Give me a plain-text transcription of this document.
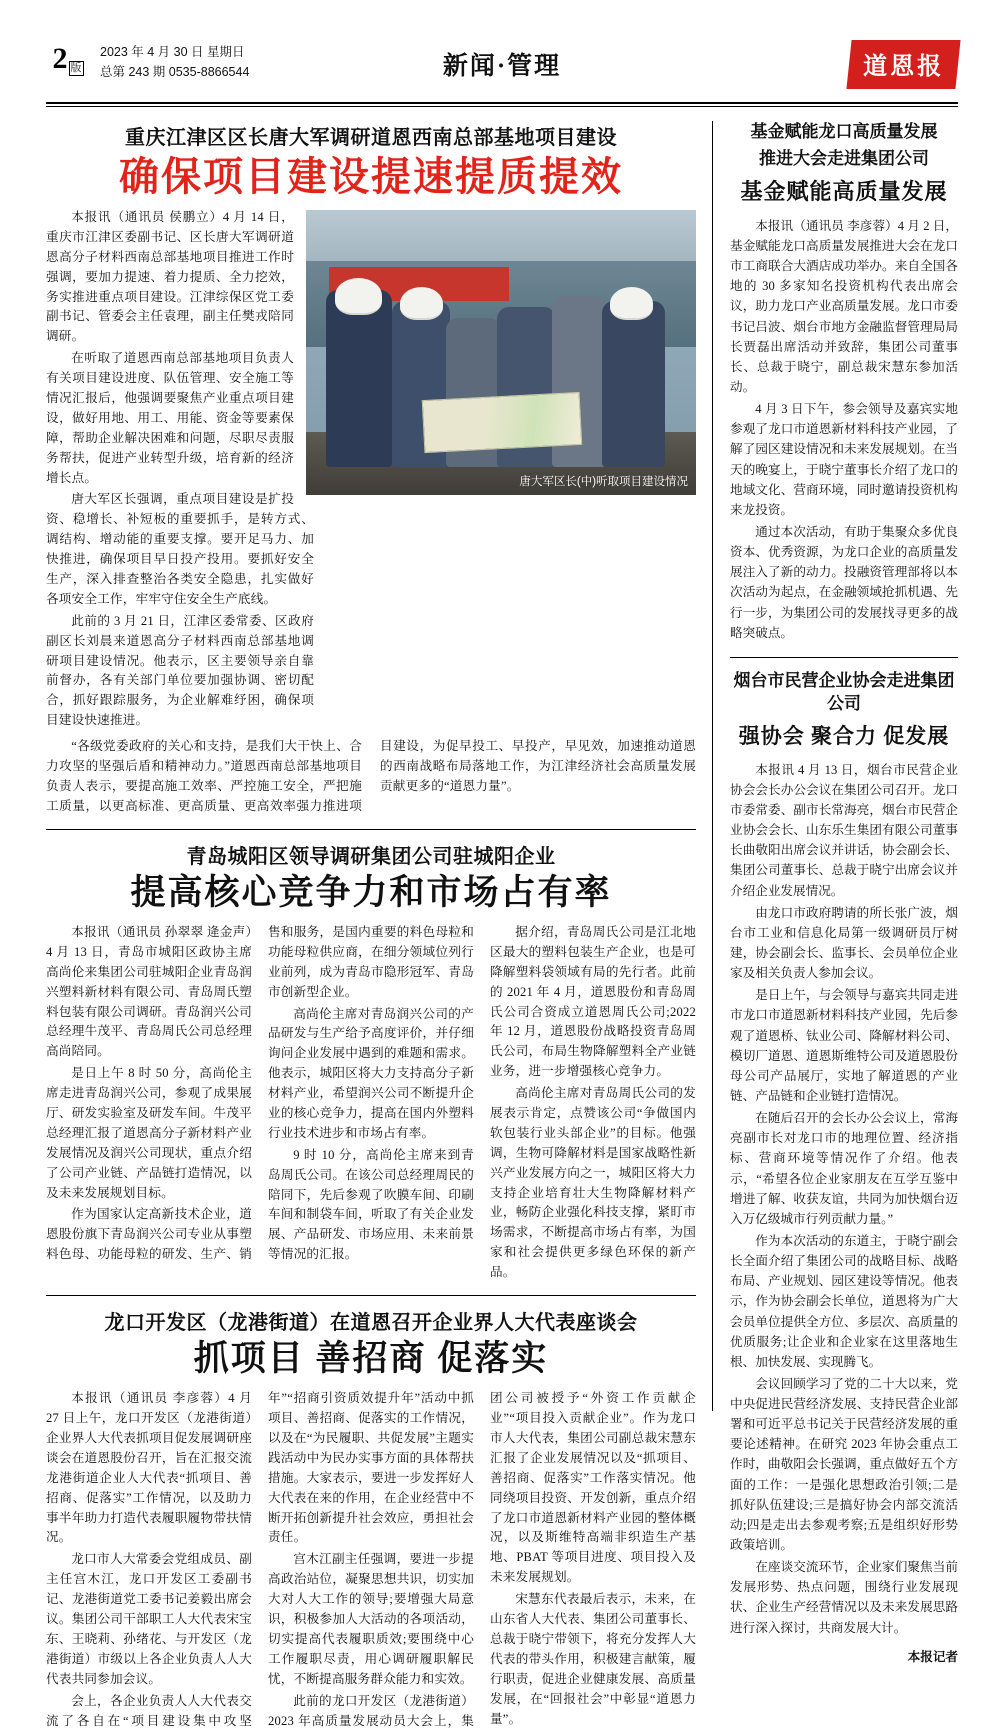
2 版
2023 年 4 月 30 日 星期日
总第 243 期 0535-8866544	新闻·管理	道恩报
重庆江津区区长唐大军调研道恩西南总部基地项目建设
确保项目建设提速提质提效
唐大军区长(中)听取项目建设情况

本报讯（通讯员 侯鹏立）4 月 14 日，重庆市江津区委副书记、区长唐大军调研道恩高分子材料西南总部基地项目推进工作时强调，要加力提速、着力提质、全力挖效，务实推进重点项目建设。江津综保区党工委副书记、管委会主任袁理，副主任樊戎陪同调研。

在听取了道恩西南总部基地项目负责人有关项目建设进度、队伍管理、安全施工等情况汇报后，他强调要聚焦产业重点项目建设，做好用地、用工、用能、资金等要素保障，帮助企业解决困难和问题，尽职尽责服务帮扶，促进产业转型升级，培育新的经济增长点。

唐大军区长强调，重点项目建设是扩投资、稳增长、补短板的重要抓手，是转方式、调结构、增动能的重要支撑。要开足马力、加快推进，确保项目早日投产投用。要抓好安全生产，深入排查整治各类安全隐患，扎实做好各项安全工作，牢牢守住安全生产底线。

此前的 3 月 21 日，江津区委常委、区政府副区长刘晨来道恩高分子材料西南总部基地调研项目建设情况。他表示，区主要领导亲自靠前督办，各有关部门单位要加强协调、密切配合，抓好跟踪服务，为企业解难纾困，确保项目建设快速推进。

“各级党委政府的关心和支持，是我们大干快上、合力攻坚的坚强后盾和精神动力。”道恩西南总部基地项目负责人表示，要提高施工效率、严控施工安全，严把施工质量，以更高标准、更高质量、更高效率强力推进项目建设，为促早投工、早投产，早见效，加速推动道恩的西南战略布局落地工作，为江津经济社会高质量发展贡献更多的“道恩力量”。

青岛城阳区领导调研集团公司驻城阳企业
提高核心竞争力和市场占有率

本报讯（通讯员 孙翠翠 逄金声）4 月 13 日，青岛市城阳区政协主席高尚伦来集团公司驻城阳企业青岛润兴塑料新材料有限公司、青岛周氏塑料包装有限公司调研。青岛润兴公司总经理牛茂平、青岛周氏公司总经理高尚陪同。

是日上午 8 时 50 分，高尚伦主席走进青岛润兴公司，参观了成果展厅、研发实验室及研发车间。牛茂平总经理汇报了道恩高分子新材料产业发展情况及润兴公司现状，重点介绍了公司产业链、产品链打造情况，以及未来发展规划目标。

作为国家认定高新技术企业，道恩股份旗下青岛润兴公司专业从事塑料色母、功能母粒的研发、生产、销售和服务，是国内重要的料色母粒和功能母粒供应商，在细分领域位列行业前列，成为青岛市隐形冠军、青岛市创新型企业。

高尚伦主席对青岛润兴公司的产品研发与生产给予高度评价，并仔细询问企业发展中遇到的难题和需求。他表示，城阳区将大力支持高分子新材料产业，希望润兴公司不断提升企业的核心竞争力，提高在国内外塑料行业技术进步和市场占有率。

9 时 10 分，高尚伦主席来到青岛周氏公司。在该公司总经理周民的陪同下，先后参观了吹膜车间、印刷车间和制袋车间，听取了有关企业发展、产品研发、市场应用、未来前景等情况的汇报。

据介绍，青岛周氏公司是江北地区最大的塑料包装生产企业，也是可降解塑料袋领域有局的先行者。此前的 2021 年 4 月，道恩股份和青岛周氏公司合资成立道恩周氏公司;2022 年 12 月，道恩股份战略投资青岛周氏公司，布局生物降解塑料全产业链业务，进一步增强核心竞争力。

高尚伦主席对青岛周氏公司的发展表示肯定，点赞该公司“争做国内软包装行业头部企业”的目标。他强调，生物可降解材料是国家战略性新兴产业发展方向之一，城阳区将大力支持企业培育壮大生物降解材料产业，畅防企业强化科技支撑，紧盯市场需求，不断提高市场占有率，为国家和社会提供更多绿色环保的新产品。

龙口开发区（龙港街道）在道恩召开企业界人大代表座谈会
抓项目 善招商 促落实

本报讯（通讯员 李彦蓉）4 月 27 日上午，龙口开发区（龙港街道）企业界人大代表抓项目促发展调研座谈会在道恩股份召开，旨在汇报交流龙港街道企业人大代表“抓项目、善招商、促落实”工作情况，以及助力事半年助力打造代表履职履物带扶情况。

龙口市人大常委会党组成员、副主任宫木江，龙口开发区工委副书记、龙港街道党工委书记姜毅出席会议。集团公司干部职工人大代表宋宝东、王晓莉、孙绪花、与开发区（龙港街道）市级以上各企业负责人人大代表共同参加会议。

会上，各企业负责人人大代表交流了各自在“项目建设集中攻坚年”“招商引资质效提升年”活动中抓项目、善招商、促落实的工作情况，以及在“为民履职、共促发展”主题实践活动中为民办实事方面的具体帮扶措施。大家表示，要进一步发挥好人大代表在来的作用，在企业经营中不断开拓创新提升社会效应，勇担社会责任。

宫木江副主任强调，要进一步提高政治站位，凝聚思想共识，切实加大对人大工作的领导;要增强大局意识，积极参加人大活动的各项活动，切实提高代表履职质效;要围绕中心工作履职尽责，用心调研履职解民忧，不断提高服务群众能力和实效。

此前的龙口开发区（龙港街道）2023 年高质量发展动员大会上，集团公司被授予“外资工作贡献企业”“项目投入贡献企业”。作为龙口市人大代表，集团公司副总裁宋慧东汇报了企业发展情况以及“抓项目、善招商、促落实”工作落实情况。他同绕项目投资、开发创新，重点介绍了龙口市道恩新材料产业园的整体概况，以及斯维特高端非织造生产基地、PBAT 等项目进度、项目投入及未来发展规划。

宋慧东代表最后表示，未来，在山东省人大代表、集团公司董事长、总裁于晓宁带领下，将充分发挥人大代表的带头作用，积极建言献策，履行职责，促进企业健康发展、高质量发展，在“回报社会”中彰显“道恩力量”。

基金赋能龙口高质量发展
推进大会走进集团公司
基金赋能高质量发展

本报讯（通讯员 李彦蓉）4 月 2 日，基金赋能龙口高质量发展推进大会在龙口市工商联合大酒店成功举办。来自全国各地的 30 多家知名投资机构代表出席会议，助力龙口产业高质量发展。龙口市委书记吕波、烟台市地方金融监督管理局局长贾磊出席活动并致辞，集团公司董事长、总裁于晓宁，副总裁宋慧东参加活动。

4 月 3 日下午，参会领导及嘉宾实地参观了龙口市道恩新材料科技产业园，了解了园区建设情况和未来发展规划。在当天的晚宴上，于晓宁董事长介绍了龙口的地域文化、营商环境，同时邀请投资机构来龙投资。

通过本次活动，有助于集聚众多优良资本、优秀资源，为龙口企业的高质量发展注入了新的动力。投融资管理部将以本次活动为起点，在金融领域抢抓机遇、先行一步，为集团公司的发展找寻更多的战略突破点。

烟台市民营企业协会走进集团公司
强协会 聚合力 促发展

本报讯 4 月 13 日，烟台市民营企业协会会长办公会议在集团公司召开。龙口市委常委、副市长常海亮，烟台市民营企业协会会长、山东乐生集团有限公司董事长曲敬阳出席会议并讲话，协会副会长、集团公司董事长、总裁于晓宁出席会议并介绍企业发展情况。

由龙口市政府聘请的所长张广波，烟台市工业和信息化局第一级调研员厅树建，协会副会长、监事长、会员单位企业家及相关负责人参加会议。

是日上午，与会领导与嘉宾共同走进市龙口市道恩新材料科技产业园，先后参观了道恩桥、钛业公司、降解材料公司、模切厂道恩、道恩斯维特公司及道恩股份母公司产品展厅，实地了解道恩的产业链、产品链和企业链打造情况。

在随后召开的会长办公会议上，常海亮副市长对龙口市的地理位置、经济指标、营商环境等情况作了介绍。他表示，“希望各位企业家朋友在互学互鉴中增进了解、收获友谊，共同为加快烟台迈入万亿级城市行列贡献力量。”

作为本次活动的东道主，于晓宁副会长全面介绍了集团公司的战略目标、战略布局、产业规划、园区建设等情况。他表示，作为协会副会长单位，道恩将为广大会员单位提供全方位、多层次、高质量的优质服务;让企业和企业家在这里落地生根、加快发展、实现腾飞。

会议回顾学习了党的二十大以来，党中央促进民营经济发展、支持民营企业部署和可近平总书记关于民营经济发展的重要论述精神。在研究 2023 年协会重点工作时，曲敬阳会长强调，重点做好五个方面的工作：一是强化思想政治引领;二是抓好队伍建设;三是搞好协会内部交流活动;四是走出去参观考察;五是组织好形势政策培训。

在座谈交流环节，企业家们聚焦当前发展形势、热点问题，围绕行业发展现状、企业生产经营情况以及未来发展思路进行深入探讨，共商发展大计。

本报记者
